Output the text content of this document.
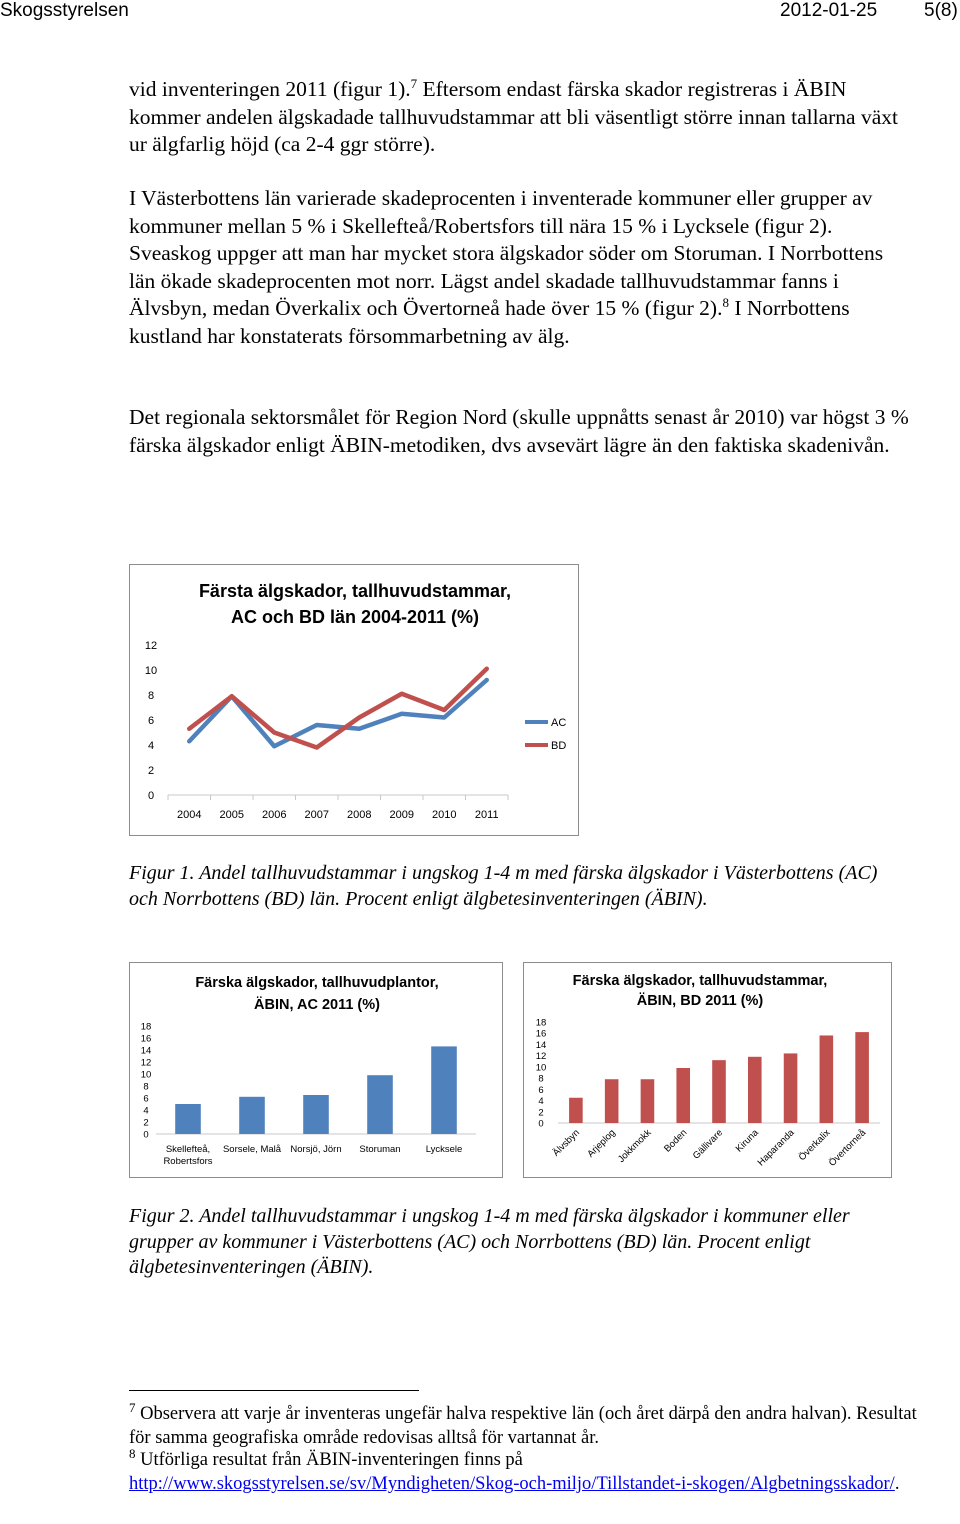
Skogsstyrelsen	2012-01-25 5(8)

vid inventeringen 2011 (figur 1).$^7$ Eftersom endast färska skador registreras i ÄBIN kommer andelen älgskadade tallhuvudstammar att bli väsentligt större innan tallarna växt ur älgfarlig höjd (ca 2-4 ggr större).

I Västerbottens län varierade skadeprocenten i inventerade kommuner eller grupper av kommuner mellan 5 % i Skellefteå/Robertsfors till nära 15 % i Lycksele (figur 2). Sveaskog uppger att man har mycket stora älgskador söder om Storuman. I Norrbottens län ökade skadeprocenten mot norr. Lägst andel skadade tallhuvudstammar fanns i Älvsbyn, medan Överkalix och Övertorneå hade över 15 % (figur 2).$^8$ I Norrbottens kustland har konstaterats försommarbetning av älg.

Det regionala sektorsmålet för Region Nord (skulle uppnåtts senast år 2010) var högst 3 % färska älgskador enligt ÄBIN-metodiken, dvs avsevärt lägre än den faktiska skadenivån.

Färsta älgskador, tallhuvudstammar,
AC och BD län 2004-2011 (%)
0
2
4
6
8
10
12
2004 2005 2006 2007 2008 2009 2010 2011
AC
BD

Figur 1. Andel tallhuvudstammar i ungskog 1-4 m med färska älgskador i Västerbottens (AC) och Norrbottens (BD) län. Procent enligt älgbetesinventeringen (ÄBIN).

Färska älgskador, tallhuvudplantor,
ÄBIN, AC 2011 (%)
0
2
4
6
8
10
12
14
16
18
Skellefteå,
Robertsfors
Sorsele, Malå Norsjö, Jörn Storuman	Lycksele
Färska älgskador, tallhuvudstammar,
ÄBIN, BD 2011 (%)
0
2
4
6
8
10
12
14
16
18
Älvsbyn Arjeplog
Jokkmokk Boden Gällivare Kiruna
Haparanda Överkalix
Övertorneå

Figur 2. Andel tallhuvudstammar i ungskog 1-4 m med färska älgskador i kommuner eller grupper av kommuner i Västerbottens (AC) och Norrbottens (BD) län. Procent enligt älgbetesinventeringen (ÄBIN).

$^7$ Observera att varje år inventeras ungefär halva respektive län (och året därpå den andra halvan). Resultat för samma geografiska område redovisas alltså för vartannat år.

$^8$ Utförliga resultat från ÄBIN-inventeringen finns på
http://www.skogsstyrelsen.se/sv/Myndigheten/Skog-och-miljo/Tillstandet-i-skogen/Algbetningsskador/.
